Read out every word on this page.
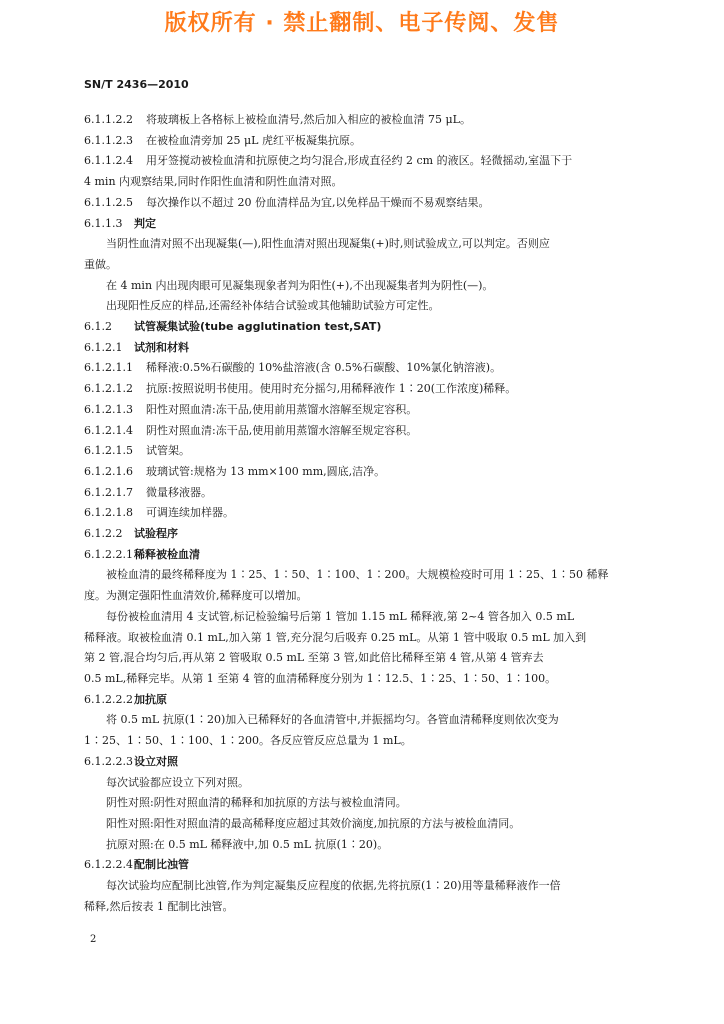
版权所有 · 禁止翻制、电子传阅、发售
SN/T 2436—2010
6.1.1.2.2 将玻璃板上各格标上被检血清号,然后加入相应的被检血清 75 μL。
6.1.1.2.3 在被检血清旁加 25 μL 虎红平板凝集抗原。
6.1.1.2.4 用牙签搅动被检血清和抗原使之均匀混合,形成直径约 2 cm 的液区。轻微摇动,室温下于
4 min 内观察结果,同时作阳性血清和阴性血清对照。
6.1.1.2.5 每次操作以不超过 20 份血清样品为宜,以免样品干燥而不易观察结果。
6.1.1.3 判定
当阴性血清对照不出现凝集(—),阳性血清对照出现凝集(+)时,则试验成立,可以判定。否则应
重做。
在 4 min 内出现肉眼可见凝集现象者判为阳性(+),不出现凝集者判为阴性(—)。
出现阳性反应的样品,还需经补体结合试验或其他辅助试验方可定性。
6.1.2 试管凝集试验(tube agglutination test,SAT)
6.1.2.1 试剂和材料
6.1.2.1.1 稀释液:0.5%石碳酸的 10%盐溶液(含 0.5%石碳酸、10%氯化钠溶液)。
6.1.2.1.2 抗原:按照说明书使用。使用时充分摇匀,用稀释液作 1∶20(工作浓度)稀释。
6.1.2.1.3 阳性对照血清:冻干品,使用前用蒸馏水溶解至规定容积。
6.1.2.1.4 阴性对照血清:冻干品,使用前用蒸馏水溶解至规定容积。
6.1.2.1.5 试管架。
6.1.2.1.6 玻璃试管:规格为 13 mm×100 mm,圆底,洁净。
6.1.2.1.7 微量移液器。
6.1.2.1.8 可调连续加样器。
6.1.2.2 试验程序
6.1.2.2.1稀释被检血清
被检血清的最终稀释度为 1∶25、1∶50、1∶100、1∶200。大规模检疫时可用 1∶25、1∶50 稀释
度。为测定强阳性血清效价,稀释度可以增加。
每份被检血清用 4 支试管,标记检验编号后第 1 管加 1.15 mL 稀释液,第 2~4 管各加入 0.5 mL
稀释液。取被检血清 0.1 mL,加入第 1 管,充分混匀后吸弃 0.25 mL。从第 1 管中吸取 0.5 mL 加入到
第 2 管,混合均匀后,再从第 2 管吸取 0.5 mL 至第 3 管,如此倍比稀释至第 4 管,从第 4 管弃去
0.5 mL,稀释完毕。从第 1 至第 4 管的血清稀释度分别为 1∶12.5、1∶25、1∶50、1∶100。
6.1.2.2.2加抗原
将 0.5 mL 抗原(1∶20)加入已稀释好的各血清管中,并振摇均匀。各管血清稀释度则依次变为
1∶25、1∶50、1∶100、1∶200。各反应管反应总量为 1 mL。
6.1.2.2.3设立对照
每次试验都应设立下列对照。
阴性对照:阴性对照血清的稀释和加抗原的方法与被检血清同。
阳性对照:阳性对照血清的最高稀释度应超过其效价滴度,加抗原的方法与被检血清同。
抗原对照:在 0.5 mL 稀释液中,加 0.5 mL 抗原(1∶20)。
6.1.2.2.4配制比浊管
每次试验均应配制比浊管,作为判定凝集反应程度的依据,先将抗原(1∶20)用等量稀释液作一倍
稀释,然后按表 1 配制比浊管。
2
